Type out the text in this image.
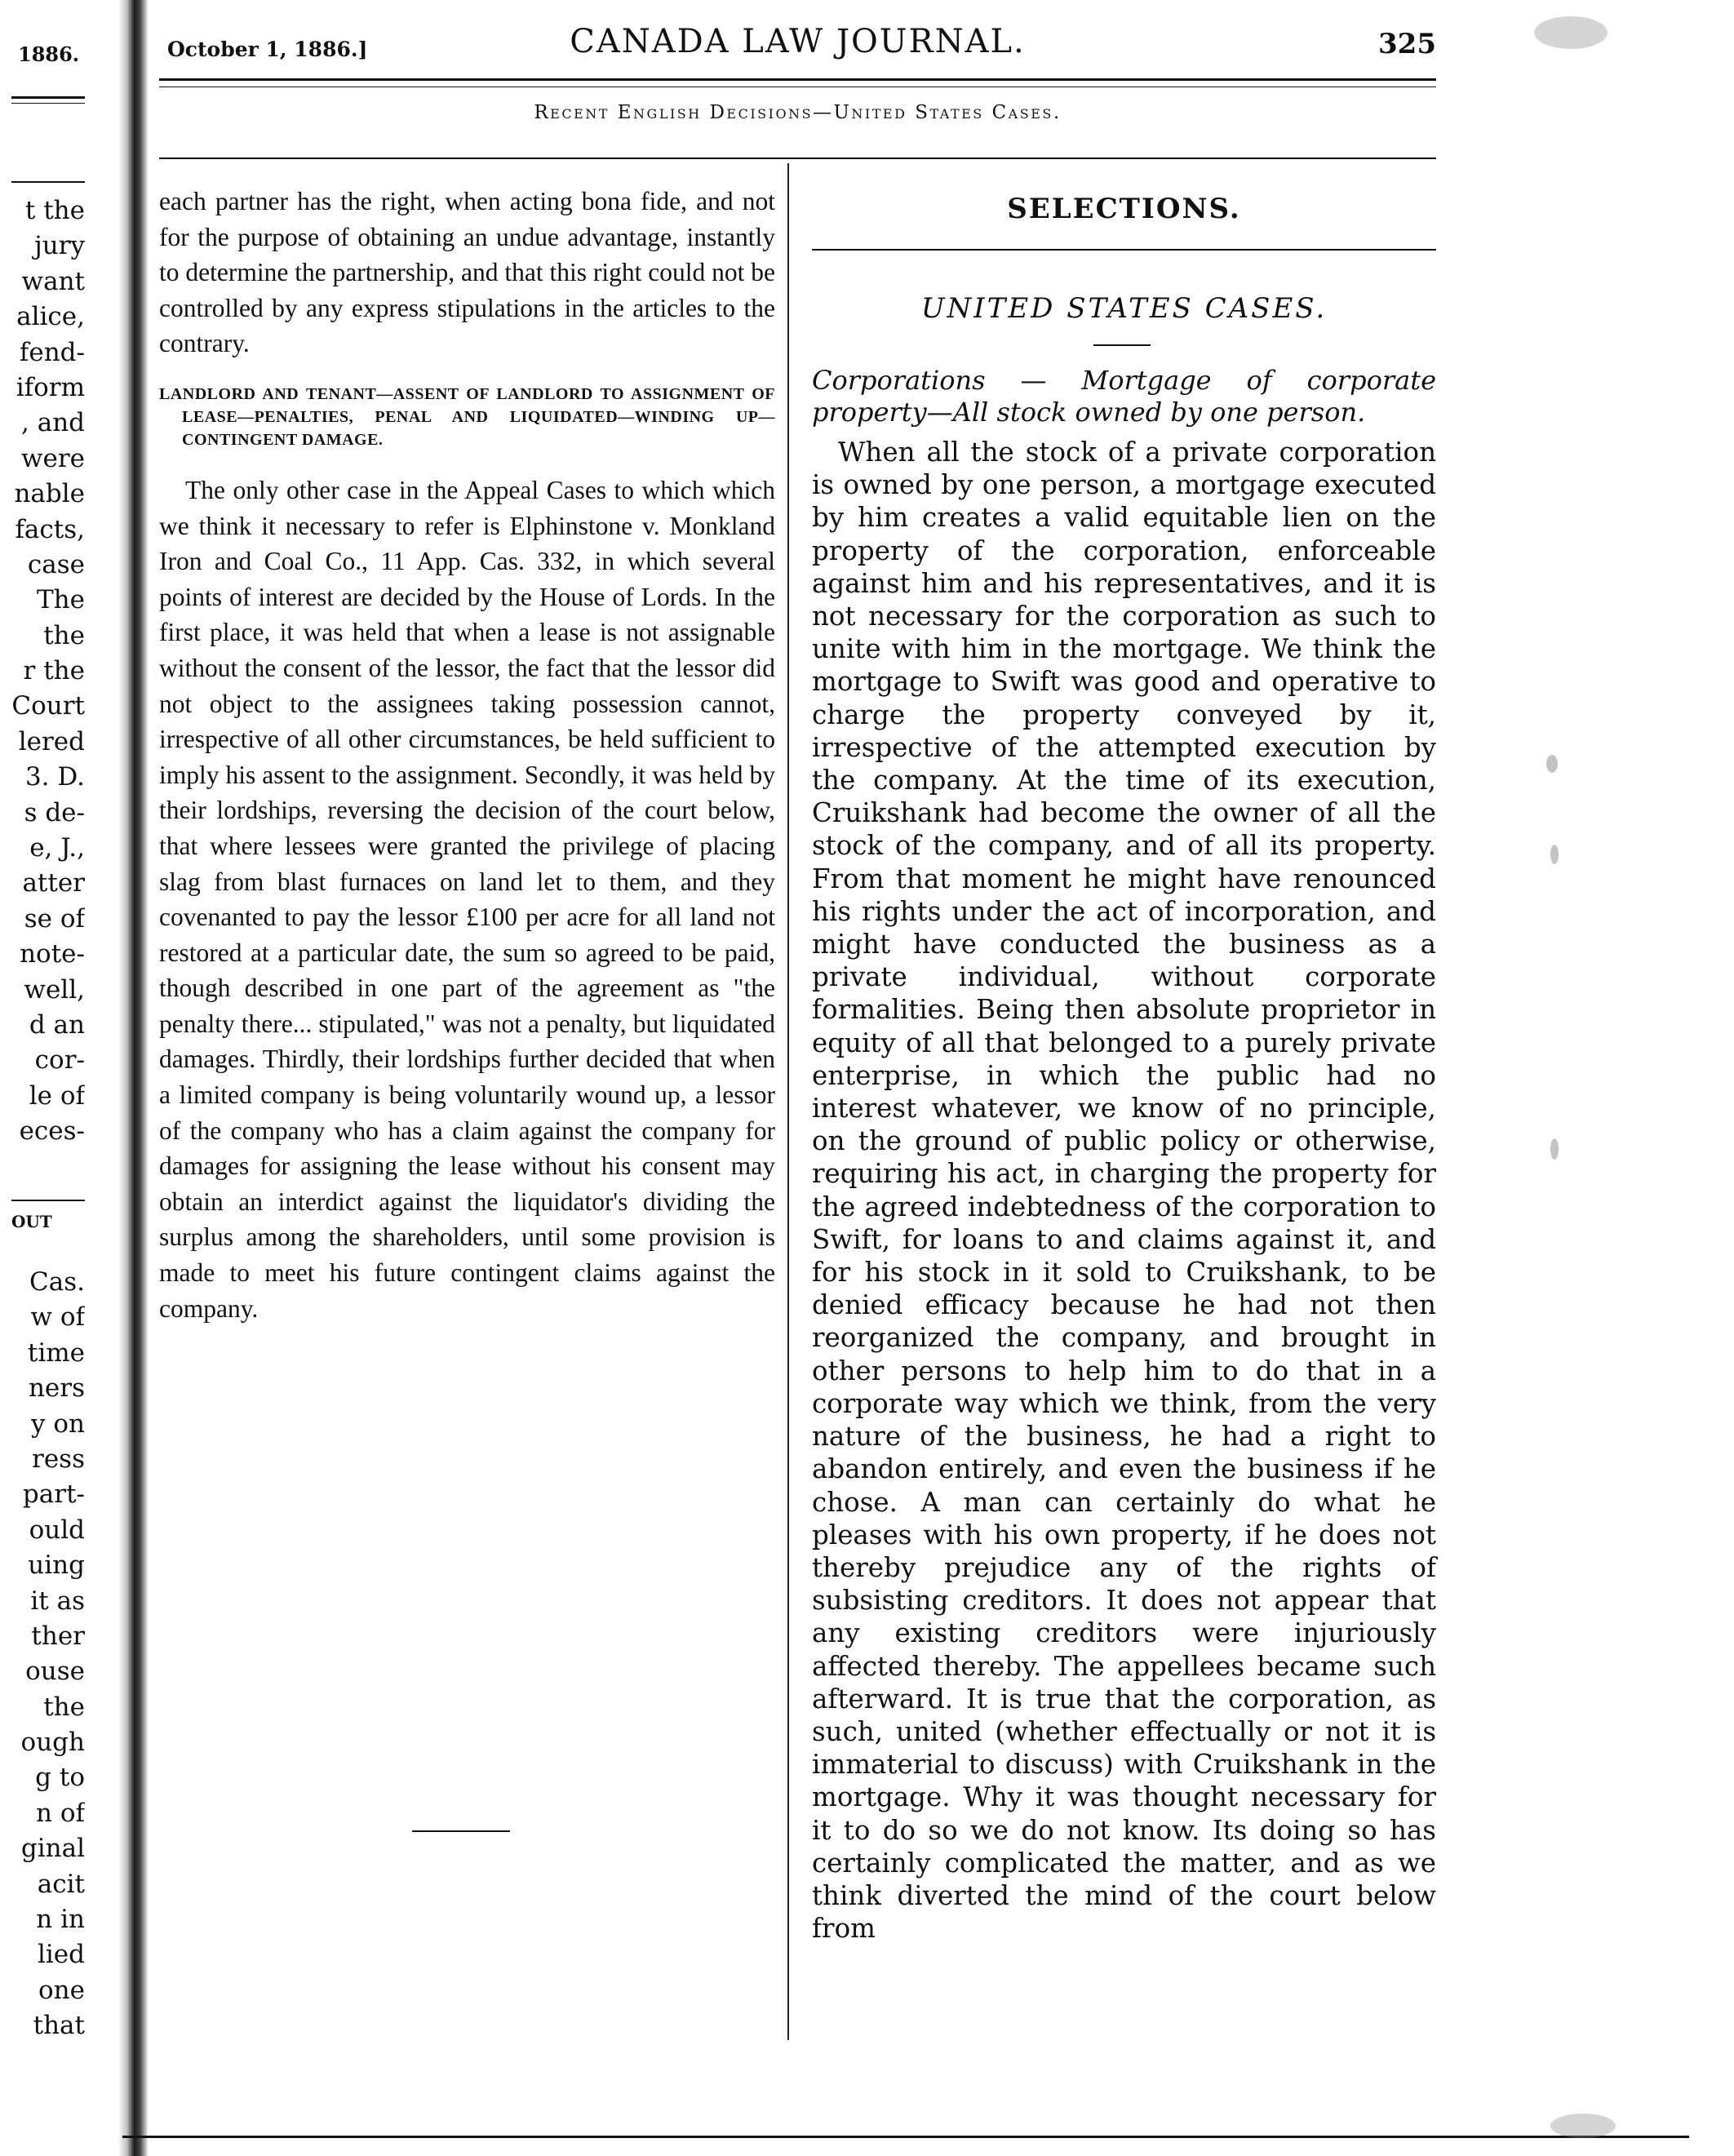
1886.
t the
jury
want
alice,
fend-
iform
, and
were
nable
facts,
case
The
the
r the
Court
lered
3. D.
s de-
e, J.,
atter
se of
note-
well,
d an
cor-
le of
eces-
OUT
Cas.
w of
time
ners
y on
ress
part-
ould
uing
it as
ther
ouse
the
ough
g to
n of
ginal
acit
n in
lied
one
that
October 1, 1886.]	CANADA LAW JOURNAL.	325
Recent English Decisions—United States Cases.

each partner has the right, when acting bona fide, and not for the purpose of obtaining an undue advantage, instantly to determine the partnership, and that this right could not be controlled by any express stipulations in the articles to the contrary.

LANDLORD AND TENANT—ASSENT OF LANDLORD TO ASSIGNMENT OF LEASE—PENALTIES, PENAL AND LIQUIDATED—WINDING UP—CONTINGENT DAMAGE.

The only other case in the Appeal Cases to which which we think it necessary to refer is Elphinstone v. Monkland Iron and Coal Co., 11 App. Cas. 332, in which several points of interest are decided by the House of Lords. In the first place, it was held that when a lease is not assignable without the consent of the lessor, the fact that the lessor did not object to the assignees taking possession cannot, irrespective of all other circumstances, be held sufficient to imply his assent to the assignment. Secondly, it was held by their lordships, reversing the decision of the court below, that where lessees were granted the privilege of placing slag from blast furnaces on land let to them, and they covenanted to pay the lessor £100 per acre for all land not restored at a particular date, the sum so agreed to be paid, though described in one part of the agreement as "the penalty there... stipulated," was not a penalty, but liquidated damages. Thirdly, their lordships further decided that when a limited company is being voluntarily wound up, a lessor of the company who has a claim against the company for damages for assigning the lease without his consent may obtain an interdict against the liquidator's dividing the surplus among the shareholders, until some provision is made to meet his future contingent claims against the company.

SELECTIONS.
UNITED STATES CASES.
Corporations — Mortgage of corporate property—All stock owned by one person.
When all the stock of a private corporation is owned by one person, a mortgage executed by him creates a valid equitable lien on the property of the corporation, enforceable against him and his representatives, and it is not necessary for the corporation as such to unite with him in the mortgage. We think the mortgage to Swift was good and operative to charge the property conveyed by it, irrespective of the attempted execution by the company. At the time of its execution, Cruikshank had become the owner of all the stock of the company, and of all its property. From that moment he might have renounced his rights under the act of incorporation, and might have conducted the business as a private individual, without corporate formalities. Being then absolute proprietor in equity of all that belonged to a purely private enterprise, in which the public had no interest whatever, we know of no principle, on the ground of public policy or otherwise, requiring his act, in charging the property for the agreed indebtedness of the corporation to Swift, for loans to and claims against it, and for his stock in it sold to Cruikshank, to be denied efficacy because he had not then reorganized the company, and brought in other persons to help him to do that in a corporate way which we think, from the very nature of the business, he had a right to abandon entirely, and even the business if he chose. A man can certainly do what he pleases with his own property, if he does not thereby prejudice any of the rights of subsisting creditors. It does not appear that any existing creditors were injuriously affected thereby. The appellees became such afterward. It is true that the corporation, as such, united (whether effectually or not it is immaterial to discuss) with Cruikshank in the mortgage. Why it was thought necessary for it to do so we do not know. Its doing so has certainly complicated the matter, and as we think diverted the mind of the court below from
